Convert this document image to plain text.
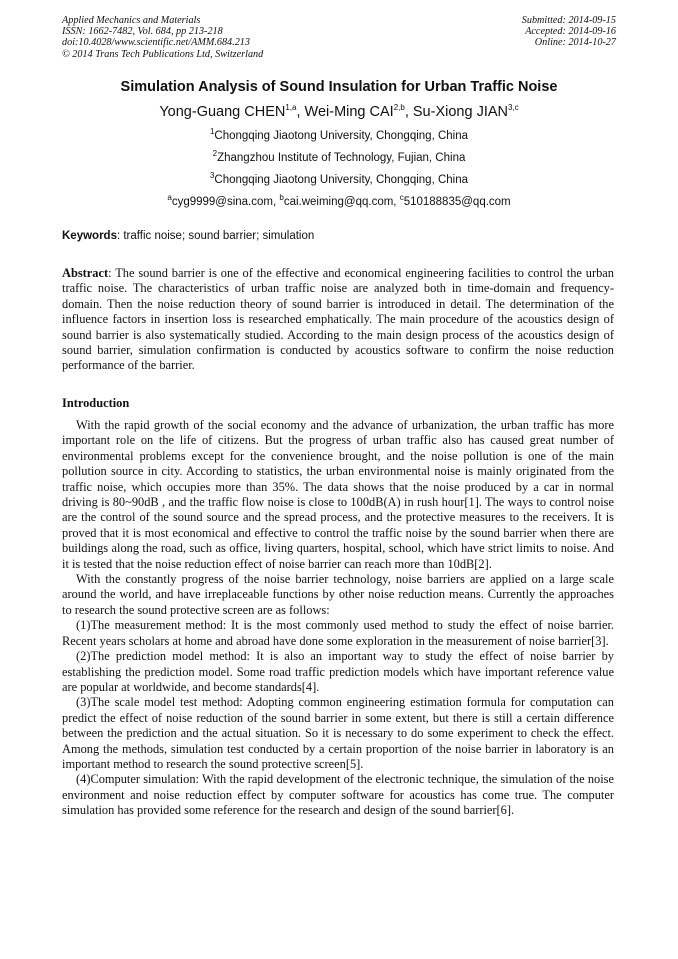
Applied Mechanics and Materials
ISSN: 1662-7482, Vol. 684, pp 213-218
doi:10.4028/www.scientific.net/AMM.684.213
© 2014 Trans Tech Publications Ltd, Switzerland
Submitted: 2014-09-15
Accepted: 2014-09-16
Online: 2014-10-27
Simulation Analysis of Sound Insulation for Urban Traffic Noise
Yong-Guang CHEN$^{1,a}$, Wei-Ming CAI$^{2,b}$, Su-Xiong JIAN$^{3,c}$
$^1$Chongqing Jiaotong University, Chongqing, China
$^2$Zhangzhou Institute of Technology, Fujian, China
$^3$Chongqing Jiaotong University, Chongqing, China
$^a$cyg9999@sina.com, $^b$cai.weiming@qq.com, $^c$510188835@qq.com
Keywords: traffic noise; sound barrier; simulation

Abstract: The sound barrier is one of the effective and economical engineering facilities to control the urban traffic noise. The characteristics of urban traffic noise are analyzed both in time-domain and frequency-domain. Then the noise reduction theory of sound barrier is introduced in detail. The determination of the influence factors in insertion loss is researched emphatically. The main procedure of the acoustics design of sound barrier is also systematically studied. According to the main design process of the acoustics design of sound barrier, simulation confirmation is conducted by acoustics software to confirm the noise reduction performance of the barrier.

Introduction

With the rapid growth of the social economy and the advance of urbanization, the urban traffic has more important role on the life of citizens. But the progress of urban traffic also has caused great number of environmental problems except for the convenience brought, and the noise pollution is one of the main pollution source in city. According to statistics, the urban environmental noise is mainly originated from the traffic noise, which occupies more than 35%. The data shows that the noise produced by a car in normal driving is 80~90dB , and the traffic flow noise is close to 100dB(A) in rush hour[1]. The ways to control noise are the control of the sound source and the spread process, and the protective measures to the receivers. It is proved that it is most economical and effective to control the traffic noise by the sound barrier when there are buildings along the road, such as office, living quarters, hospital, school, which have strict limits to noise. And it is tested that the noise reduction effect of noise barrier can reach more than 10dB[2].

With the constantly progress of the noise barrier technology, noise barriers are applied on a large scale around the world, and have irreplaceable functions by other noise reduction means. Currently the approaches to research the sound protective screen are as follows:

(1)The measurement method: It is the most commonly used method to study the effect of noise barrier. Recent years scholars at home and abroad have done some exploration in the measurement of noise barrier[3].

(2)The prediction model method: It is also an important way to study the effect of noise barrier by establishing the prediction model. Some road traffic prediction models which have important reference value are popular at worldwide, and become standards[4].

(3)The scale model test method: Adopting common engineering estimation formula for computation can predict the effect of noise reduction of the sound barrier in some extent, but there is still a certain difference between the prediction and the actual situation. So it is necessary to do some experiment to check the effect. Among the methods, simulation test conducted by a certain proportion of the noise barrier in laboratory is an important method to research the sound protective screen[5].

(4)Computer simulation: With the rapid development of the electronic technique, the simulation of the noise environment and noise reduction effect by computer software for acoustics has come true. The computer simulation has provided some reference for the research and design of the sound barrier[6].
